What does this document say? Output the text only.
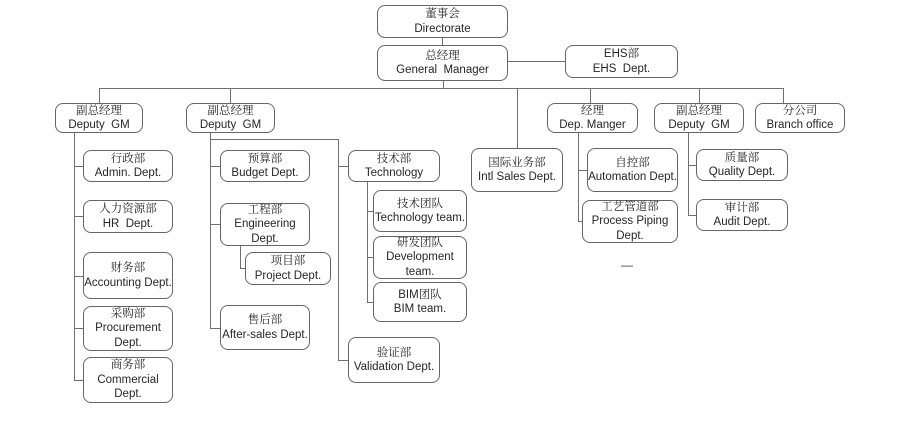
董事会
Directorate
总经理
General  Manager
EHS部
EHS  Dept.
副总经理
Deputy  GM
副总经理
Deputy  GM
经理
Dep. Manger
副总经理
Deputy  GM
分公司
Branch office
国际业务部
Intl Sales Dept.
行政部
Admin. Dept.
人力资源部
HR  Dept.
财务部
Accounting Dept.
采购部
Procurement Dept.
商务部
Commercial Dept.
预算部
Budget Dept.
工程部
Engineering Dept.
项目部
Project Dept.
售后部
After-sales Dept.
技术部
Technology
技术团队
Technology team.
研发团队
Development team.
BIM团队
BIM team.
验证部
Validation Dept.
自控部
Automation Dept.
工艺管道部
Process Piping Dept.
质量部
Quality Dept.
审计部
Audit Dept.
—
